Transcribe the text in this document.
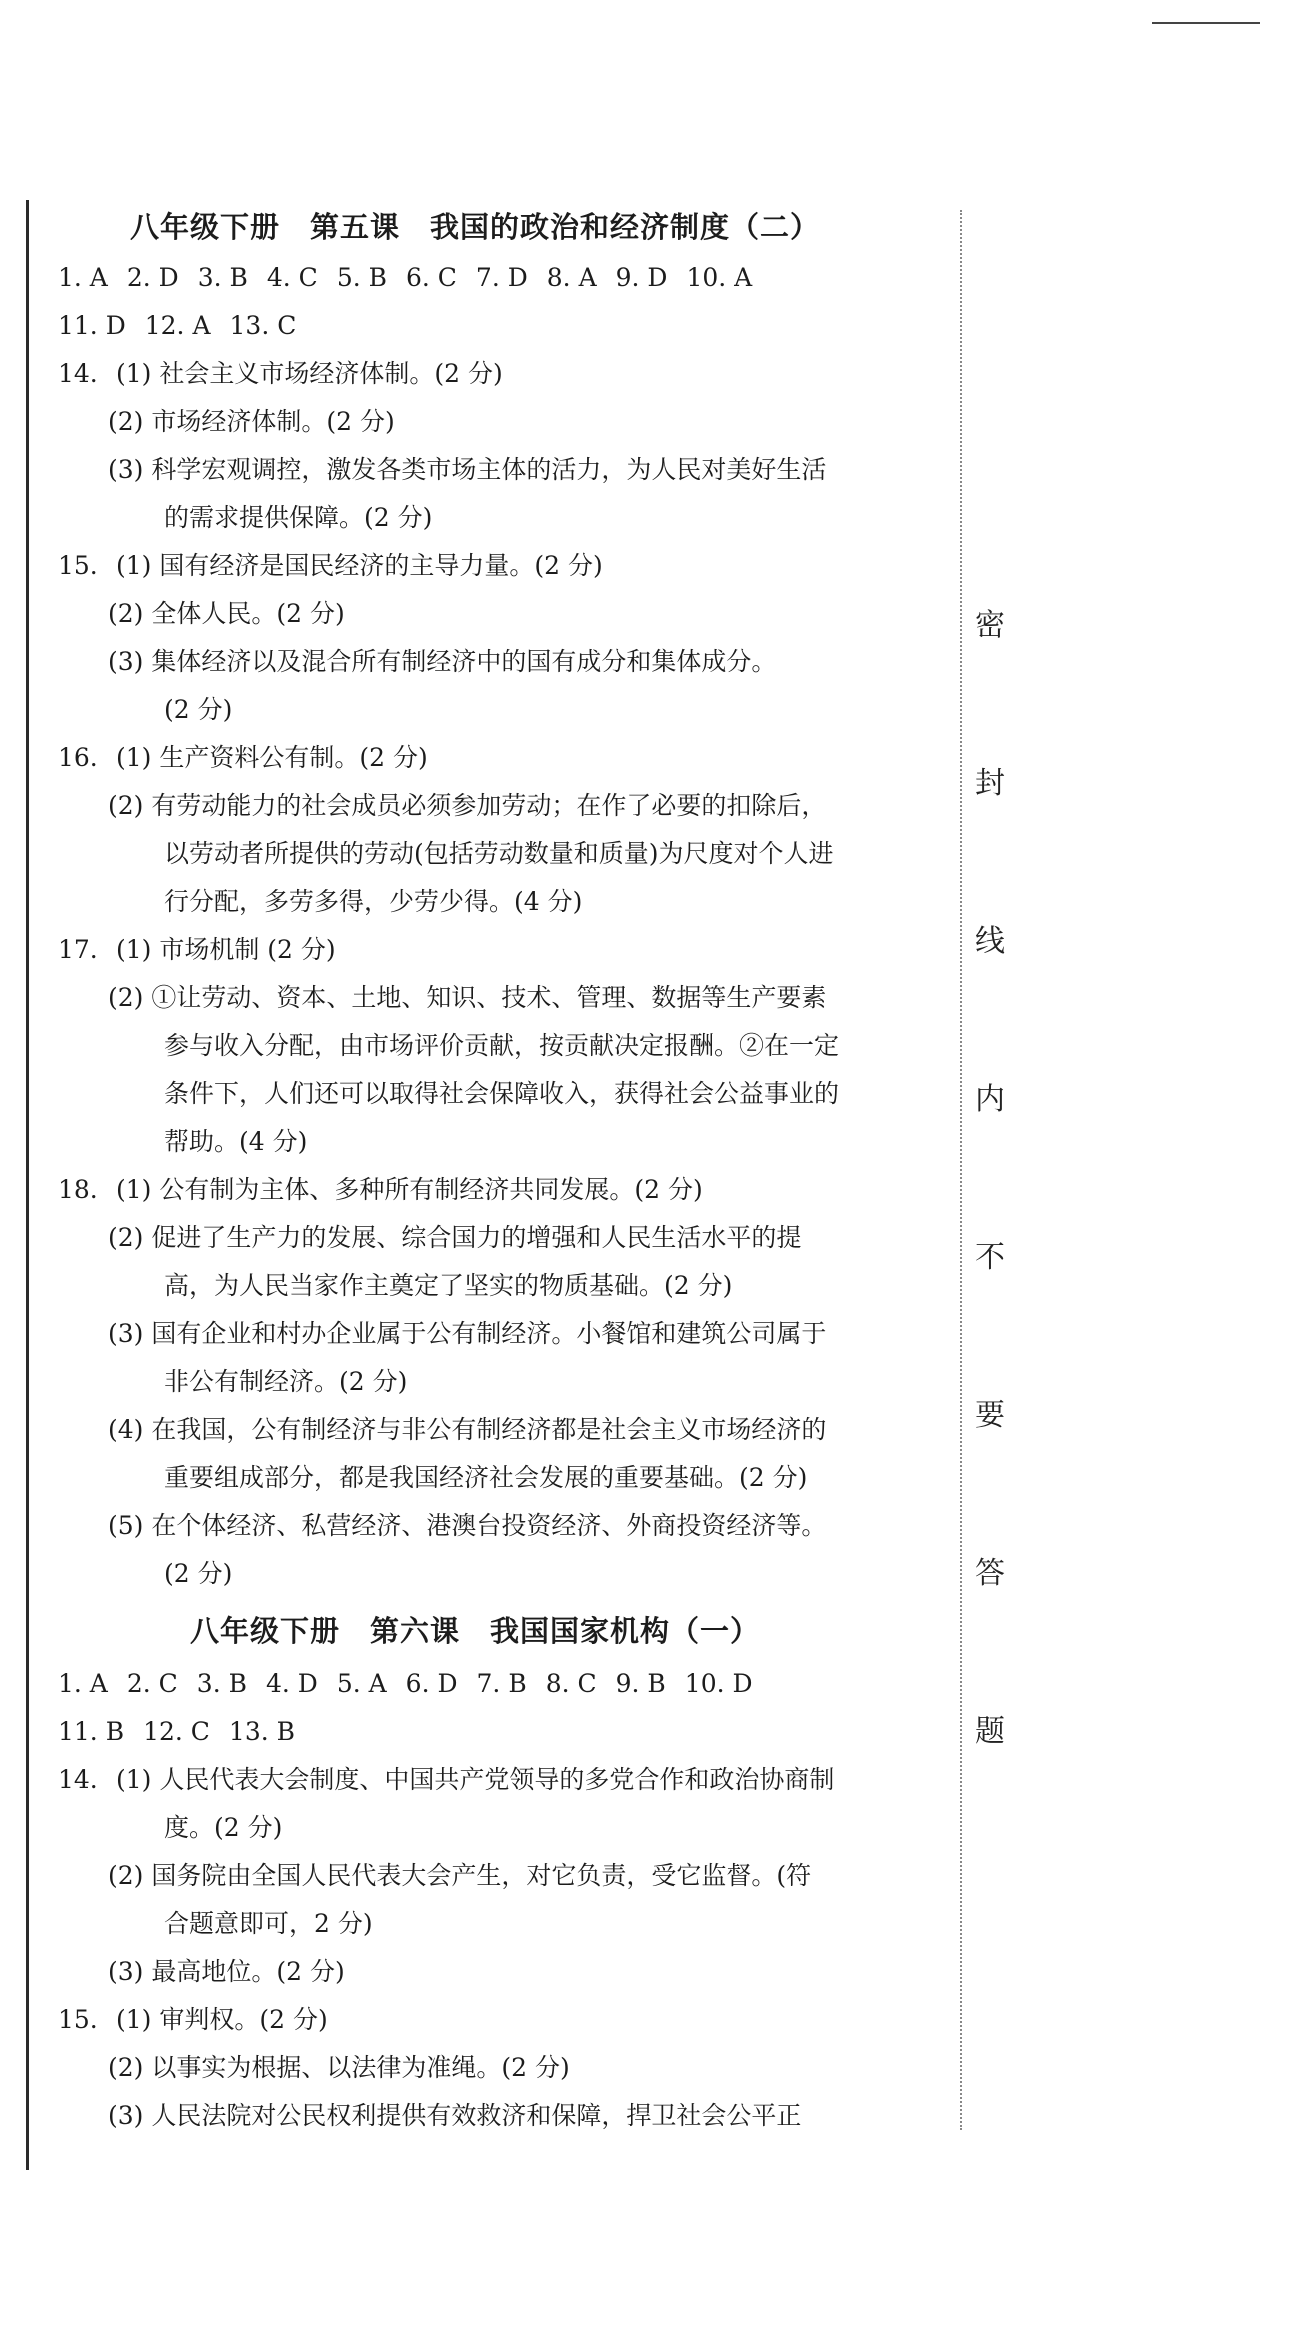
密
封
线
内
不
要
答
题
八年级下册　第五课　我国的政治和经济制度（二）
1. A 2. D 3. B 4. C 5. B 6. C 7. D 8. A 9. D 10. A
11. D 12. A 13. C
14. (1) 社会主义市场经济体制。(2 分)
(2) 市场经济体制。(2 分)
(3) 科学宏观调控，激发各类市场主体的活力，为人民对美好生活
的需求提供保障。(2 分)
15. (1) 国有经济是国民经济的主导力量。(2 分)
(2) 全体人民。(2 分)
(3) 集体经济以及混合所有制经济中的国有成分和集体成分。
(2 分)
16. (1) 生产资料公有制。(2 分)
(2) 有劳动能力的社会成员必须参加劳动；在作了必要的扣除后，
以劳动者所提供的劳动(包括劳动数量和质量)为尺度对个人进
行分配，多劳多得，少劳少得。(4 分)
17. (1) 市场机制 (2 分)
(2) ①让劳动、资本、土地、知识、技术、管理、数据等生产要素
参与收入分配，由市场评价贡献，按贡献决定报酬。②在一定
条件下，人们还可以取得社会保障收入，获得社会公益事业的
帮助。(4 分)
18. (1) 公有制为主体、多种所有制经济共同发展。(2 分)
(2) 促进了生产力的发展、综合国力的增强和人民生活水平的提
高，为人民当家作主奠定了坚实的物质基础。(2 分)
(3) 国有企业和村办企业属于公有制经济。小餐馆和建筑公司属于
非公有制经济。(2 分)
(4) 在我国，公有制经济与非公有制经济都是社会主义市场经济的
重要组成部分，都是我国经济社会发展的重要基础。(2 分)
(5) 在个体经济、私营经济、港澳台投资经济、外商投资经济等。
(2 分)
八年级下册　第六课　我国国家机构（一）
1. A 2. C 3. B 4. D 5. A 6. D 7. B 8. C 9. B 10. D
11. B 12. C 13. B
14. (1) 人民代表大会制度、中国共产党领导的多党合作和政治协商制
度。(2 分)
(2) 国务院由全国人民代表大会产生，对它负责，受它监督。(符
合题意即可，2 分)
(3) 最高地位。(2 分)
15. (1) 审判权。(2 分)
(2) 以事实为根据、以法律为准绳。(2 分)
(3) 人民法院对公民权利提供有效救济和保障，捍卫社会公平正
